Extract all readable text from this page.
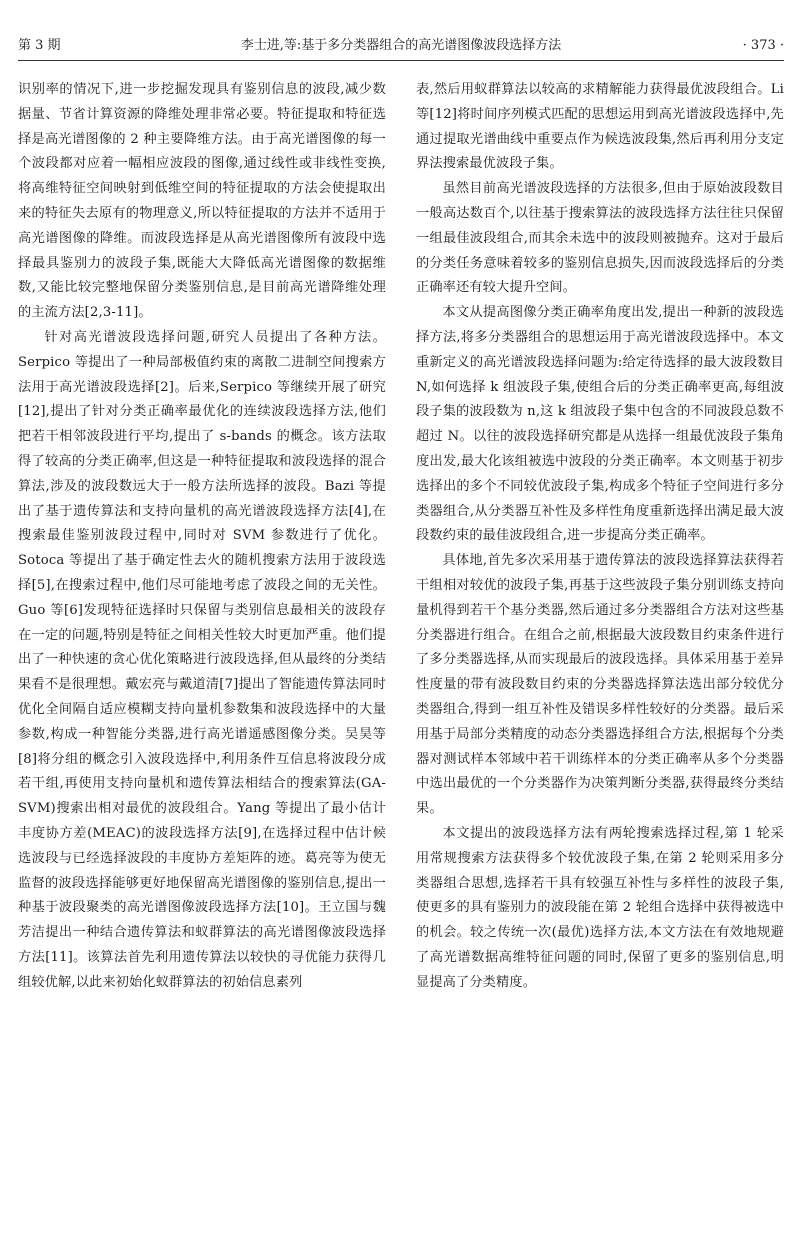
第 3 期	李士进,等:基于多分类器组合的高光谱图像波段选择方法	· 373 ·

识别率的情况下,进一步挖掘发现具有鉴别信息的波段,减少数据量、节省计算资源的降维处理非常必要。特征提取和特征选择是高光谱图像的 2 种主要降维方法。由于高光谱图像的每一个波段都对应着一幅相应波段的图像,通过线性或非线性变换,将高维特征空间映射到低维空间的特征提取的方法会使提取出来的特征失去原有的物理意义,所以特征提取的方法并不适用于高光谱图像的降维。而波段选择是从高光谱图像所有波段中选择最具鉴别力的波段子集,既能大大降低高光谱图像的数据维数,又能比较完整地保留分类鉴别信息,是目前高光谱降维处理的主流方法[2,3-11]。

针对高光谱波段选择问题,研究人员提出了各种方法。Serpico 等提出了一种局部极值约束的离散二进制空间搜索方法用于高光谱波段选择[2]。后来,Serpico 等继续开展了研究[12],提出了针对分类正确率最优化的连续波段选择方法,他们把若干相邻波段进行平均,提出了 s-bands 的概念。该方法取得了较高的分类正确率,但这是一种特征提取和波段选择的混合算法,涉及的波段数远大于一般方法所选择的波段。Bazi 等提出了基于遗传算法和支持向量机的高光谱波段选择方法[4],在搜索最佳鉴别波段过程中,同时对 SVM 参数进行了优化。Sotoca 等提出了基于确定性去火的随机搜索方法用于波段选择[5],在搜索过程中,他们尽可能地考虑了波段之间的无关性。Guo 等[6]发现特征选择时只保留与类别信息最相关的波段存在一定的问题,特别是特征之间相关性较大时更加严重。他们提出了一种快速的贪心优化策略进行波段选择,但从最终的分类结果看不是很理想。戴宏亮与戴道清[7]提出了智能遗传算法同时优化全间隔自适应模糊支持向量机参数集和波段选择中的大量参数,构成一种智能分类器,进行高光谱遥感图像分类。吴昊等[8]将分组的概念引入波段选择中,利用条件互信息将波段分成若干组,再使用支持向量机和遗传算法相结合的搜索算法(GA-SVM)搜索出相对最优的波段组合。Yang 等提出了最小估计丰度协方差(MEAC)的波段选择方法[9],在选择过程中估计候选波段与已经选择波段的丰度协方差矩阵的迹。葛亮等为使无监督的波段选择能够更好地保留高光谱图像的鉴别信息,提出一种基于波段聚类的高光谱图像波段选择方法[10]。王立国与魏芳洁提出一种结合遗传算法和蚁群算法的高光谱图像波段选择方法[11]。该算法首先利用遗传算法以较快的寻优能力获得几组较优解,以此来初始化蚁群算法的初始信息素列

表,然后用蚁群算法以较高的求精解能力获得最优波段组合。Li 等[12]将时间序列模式匹配的思想运用到高光谱波段选择中,先通过提取光谱曲线中重要点作为候选波段集,然后再利用分支定界法搜索最优波段子集。

虽然目前高光谱波段选择的方法很多,但由于原始波段数目一般高达数百个,以往基于搜索算法的波段选择方法往往只保留一组最佳波段组合,而其余未选中的波段则被抛弃。这对于最后的分类任务意味着较多的鉴别信息损失,因而波段选择后的分类正确率还有较大提升空间。

本文从提高图像分类正确率角度出发,提出一种新的波段选择方法,将多分类器组合的思想运用于高光谱波段选择中。本文重新定义的高光谱波段选择问题为:给定待选择的最大波段数目 N,如何选择 k 组波段子集,使组合后的分类正确率更高,每组波段子集的波段数为 n,这 k 组波段子集中包含的不同波段总数不超过 N。以往的波段选择研究都是从选择一组最优波段子集角度出发,最大化该组被选中波段的分类正确率。本文则基于初步选择出的多个不同较优波段子集,构成多个特征子空间进行多分类器组合,从分类器互补性及多样性角度重新选择出满足最大波段数约束的最佳波段组合,进一步提高分类正确率。

具体地,首先多次采用基于遗传算法的波段选择算法获得若干组相对较优的波段子集,再基于这些波段子集分别训练支持向量机得到若干个基分类器,然后通过多分类器组合方法对这些基分类器进行组合。在组合之前,根据最大波段数目约束条件进行了多分类器选择,从而实现最后的波段选择。具体采用基于差异性度量的带有波段数目约束的分类器选择算法选出部分较优分类器组合,得到一组互补性及错误多样性较好的分类器。最后采用基于局部分类精度的动态分类器选择组合方法,根据每个分类器对测试样本邻域中若干训练样本的分类正确率从多个分类器中选出最优的一个分类器作为决策判断分类器,获得最终分类结果。

本文提出的波段选择方法有两轮搜索选择过程,第 1 轮采用常规搜索方法获得多个较优波段子集,在第 2 轮则采用多分类器组合思想,选择若干具有较强互补性与多样性的波段子集,使更多的具有鉴别力的波段能在第 2 轮组合选择中获得被选中的机会。较之传统一次(最优)选择方法,本文方法在有效地规避了高光谱数据高维特征问题的同时,保留了更多的鉴别信息,明显提高了分类精度。
